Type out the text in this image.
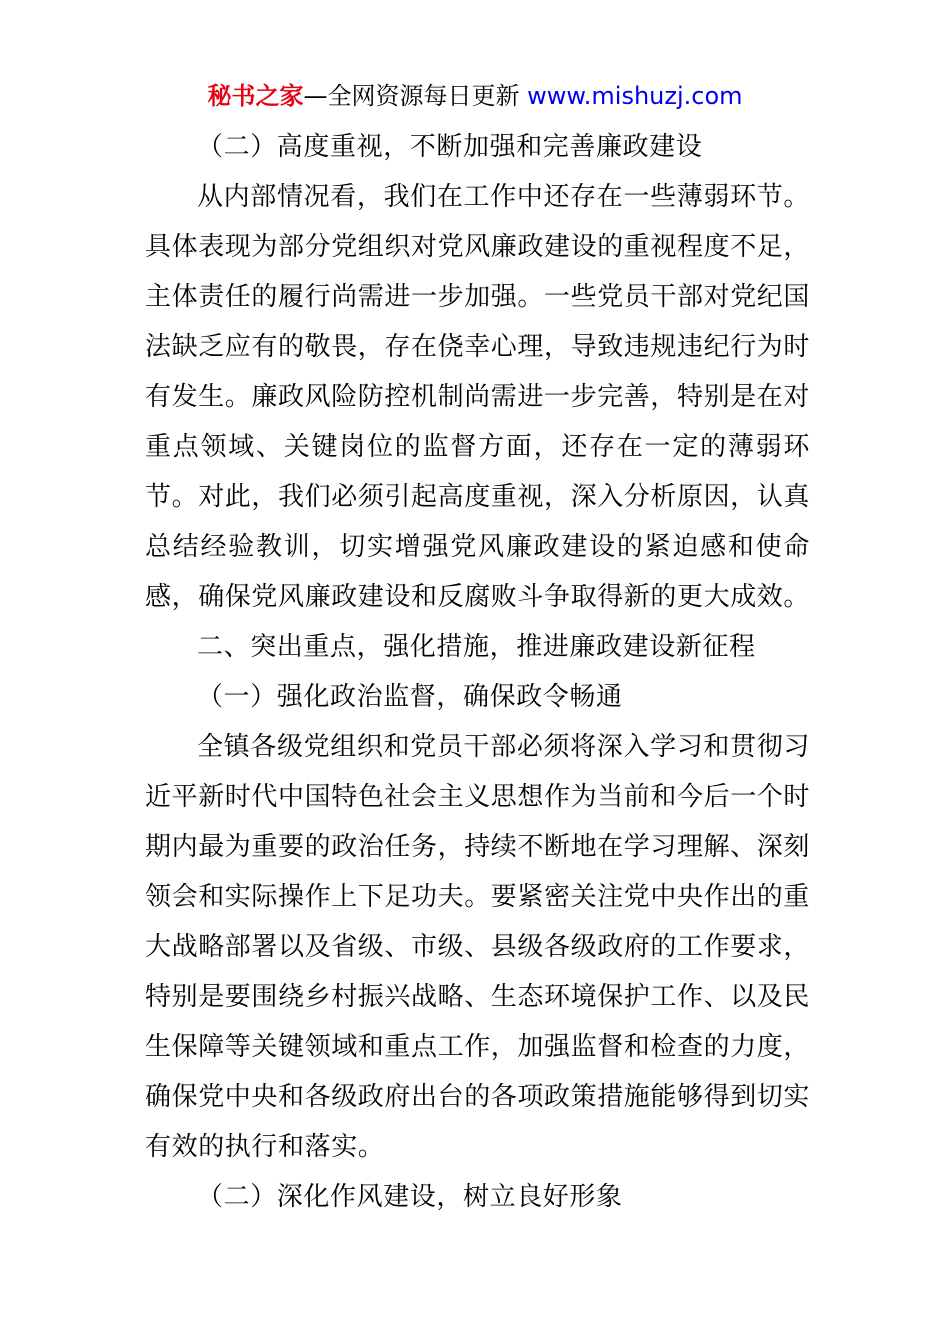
秘书之家—全网资源每日更新 www.mishuzj.com

（二）高度重视，不断加强和完善廉政建设

从内部情况看，我们在工作中还存在一些薄弱环节。具体表现为部分党组织对党风廉政建设的重视程度不足，主体责任的履行尚需进一步加强。一些党员干部对党纪国法缺乏应有的敬畏，存在侥幸心理，导致违规违纪行为时有发生。廉政风险防控机制尚需进一步完善，特别是在对重点领域、关键岗位的监督方面，还存在一定的薄弱环节。对此，我们必须引起高度重视，深入分析原因，认真总结经验教训，切实增强党风廉政建设的紧迫感和使命感，确保党风廉政建设和反腐败斗争取得新的更大成效。

二、突出重点，强化措施，推进廉政建设新征程

（一）强化政治监督，确保政令畅通

全镇各级党组织和党员干部必须将深入学习和贯彻习近平新时代中国特色社会主义思想作为当前和今后一个时期内最为重要的政治任务，持续不断地在学习理解、深刻领会和实际操作上下足功夫。要紧密关注党中央作出的重大战略部署以及省级、市级、县级各级政府的工作要求，特别是要围绕乡村振兴战略、生态环境保护工作、以及民生保障等关键领域和重点工作，加强监督和检查的力度，确保党中央和各级政府出台的各项政策措施能够得到切实有效的执行和落实。

（二）深化作风建设，树立良好形象
